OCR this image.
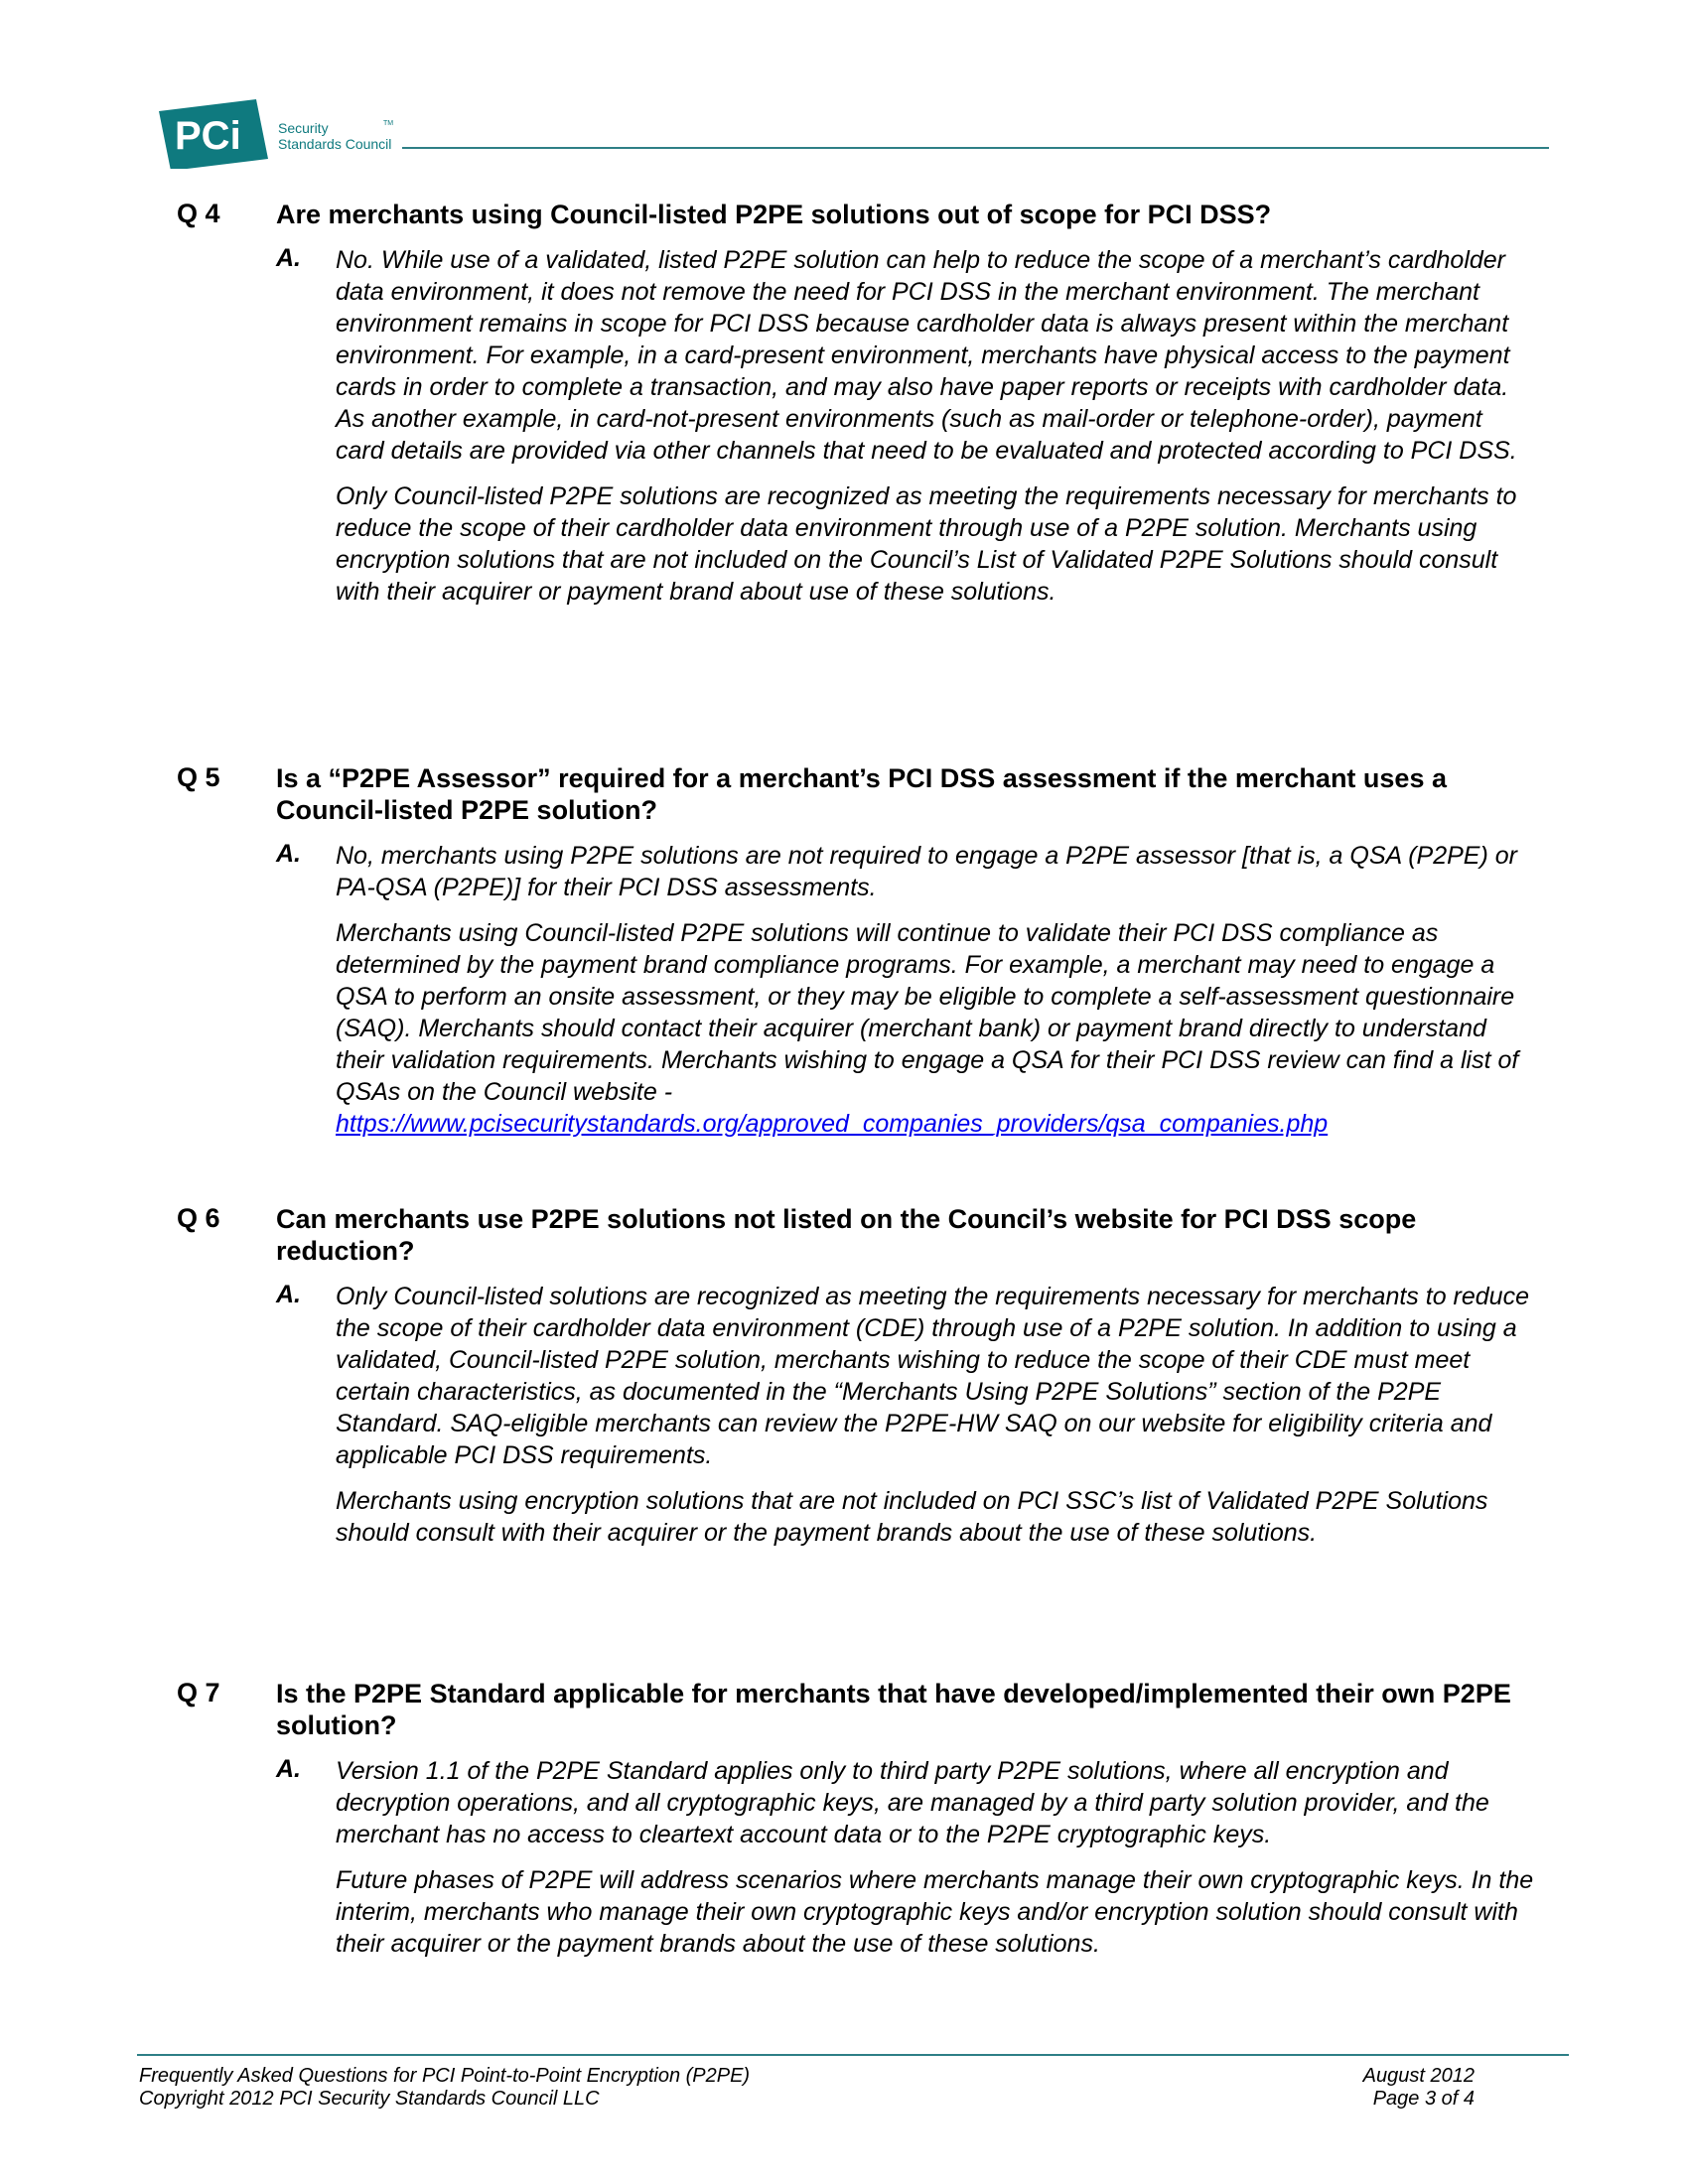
PCi	Security
Standards Council
TM
Q 4 Are merchants using Council-listed P2PE solutions out of scope for PCI DSS?
A. No. While use of a validated, listed P2PE solution can help to reduce the scope of a merchant’s cardholder data environment, it does not remove the need for PCI DSS in the merchant environment. The merchant environment remains in scope for PCI DSS because cardholder data is always present within the merchant environment. For example, in a card-present environment, merchants have physical access to the payment cards in order to complete a transaction, and may also have paper reports or receipts with cardholder data. As another example, in card-not-present environments (such as mail-order or telephone-order), payment card details are provided via other channels that need to be evaluated and protected according to PCI DSS.
Only Council-listed P2PE solutions are recognized as meeting the requirements necessary for merchants to reduce the scope of their cardholder data environment through use of a P2PE solution. Merchants using encryption solutions that are not included on the Council’s List of Validated P2PE Solutions should consult with their acquirer or payment brand about use of these solutions.
Q 5 Is a “P2PE Assessor” required for a merchant’s PCI DSS assessment if the merchant uses a Council-listed P2PE solution?
A. No, merchants using P2PE solutions are not required to engage a P2PE assessor [that is, a QSA (P2PE) or PA-QSA (P2PE)] for their PCI DSS assessments.
Merchants using Council-listed P2PE solutions will continue to validate their PCI DSS compliance as determined by the payment brand compliance programs. For example, a merchant may need to engage a QSA to perform an onsite assessment, or they may be eligible to complete a self-assessment questionnaire (SAQ). Merchants should contact their acquirer (merchant bank) or payment brand directly to understand their validation requirements. Merchants wishing to engage a QSA for their PCI DSS review can find a list of QSAs on the Council website -
https://www.pcisecuritystandards.org/approved_companies_providers/qsa_companies.php
Q 6 Can merchants use P2PE solutions not listed on the Council’s website for PCI DSS scope reduction?
A. Only Council-listed solutions are recognized as meeting the requirements necessary for merchants to reduce the scope of their cardholder data environment (CDE) through use of a P2PE solution. In addition to using a validated, Council-listed P2PE solution, merchants wishing to reduce the scope of their CDE must meet certain characteristics, as documented in the “Merchants Using P2PE Solutions” section of the P2PE Standard. SAQ-eligible merchants can review the P2PE-HW SAQ on our website for eligibility criteria and applicable PCI DSS requirements.
Merchants using encryption solutions that are not included on PCI SSC’s list of Validated P2PE Solutions should consult with their acquirer or the payment brands about the use of these solutions.
Q 7 Is the P2PE Standard applicable for merchants that have developed/implemented their own P2PE solution?
A. Version 1.1 of the P2PE Standard applies only to third party P2PE solutions, where all encryption and decryption operations, and all cryptographic keys, are managed by a third party solution provider, and the merchant has no access to cleartext account data or to the P2PE cryptographic keys.
Future phases of P2PE will address scenarios where merchants manage their own cryptographic keys. In the interim, merchants who manage their own cryptographic keys and/or encryption solution should consult with their acquirer or the payment brands about the use of these solutions.
Frequently Asked Questions for PCI Point-to-Point Encryption (P2PE)
Copyright 2012 PCI Security Standards Council LLC
August 2012
Page 3 of 4
